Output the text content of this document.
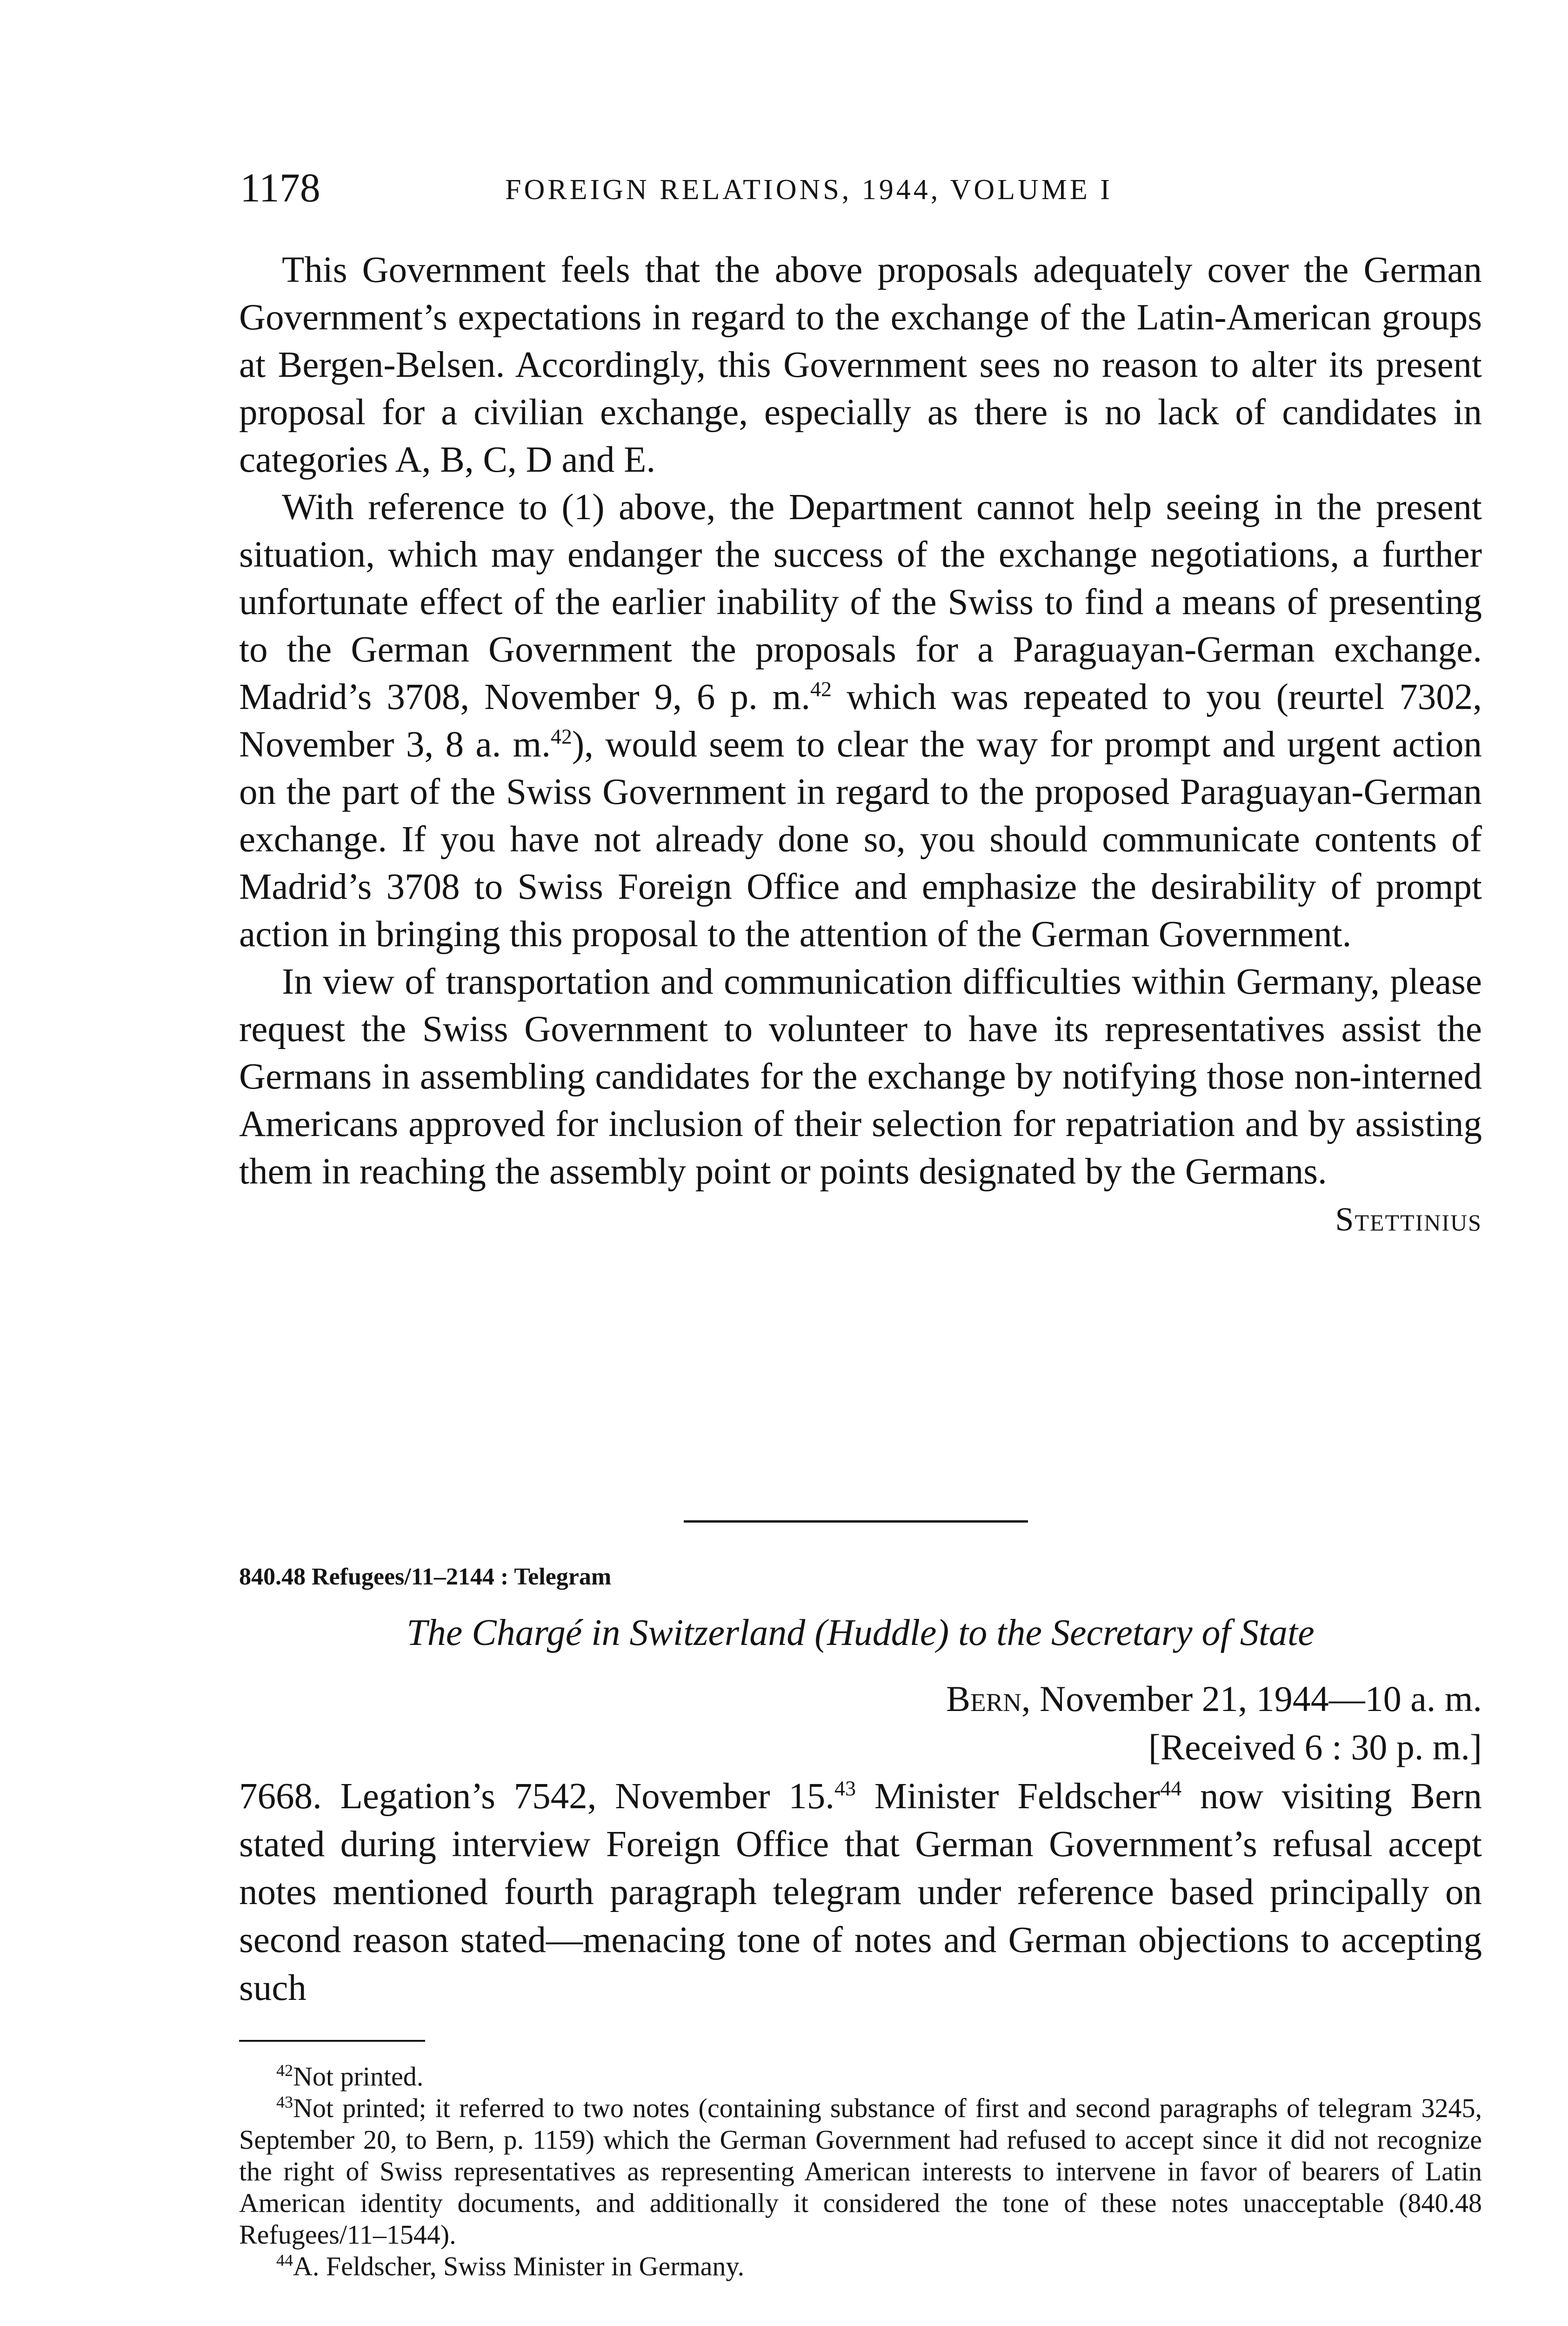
1178	FOREIGN RELATIONS, 1944, VOLUME I

This Government feels that the above proposals adequately cover the German Government’s expectations in regard to the exchange of the Latin-American groups at Bergen-Belsen. Accordingly, this Government sees no reason to alter its present proposal for a civilian exchange, especially as there is no lack of candidates in categories A, B, C, D and E.

With reference to (1) above, the Department cannot help seeing in the present situation, which may endanger the success of the exchange negotiations, a further unfortunate effect of the earlier inability of the Swiss to find a means of presenting to the German Government the proposals for a Paraguayan-German exchange. Madrid’s 3708, November 9, 6 p. m.$^{42}$ which was repeated to you (reurtel 7302, November 3, 8 a. m.$^{42}$), would seem to clear the way for prompt and urgent action on the part of the Swiss Government in regard to the proposed Paraguayan-German exchange. If you have not already done so, you should communicate contents of Madrid’s 3708 to Swiss Foreign Office and emphasize the desirability of prompt action in bringing this proposal to the attention of the German Government.

In view of transportation and communication difficulties within Germany, please request the Swiss Government to volunteer to have its representatives assist the Germans in assembling candidates for the exchange by notifying those non-interned Americans approved for inclusion of their selection for repatriation and by assisting them in reaching the assembly point or points designated by the Germans.

Stettinius

840.48 Refugees/11–2144 : Telegram
The Chargé in Switzerland (Huddle) to the Secretary of State
Bern, November 21, 1944—10 a. m.
[Received 6 : 30 p. m.]

7668. Legation’s 7542, November 15.43 Minister Feldscher$^{44}$ now visiting Bern stated during interview Foreign Office that German Government’s refusal accept notes mentioned fourth paragraph telegram under reference based principally on second reason stated—menacing tone of notes and German objections to accepting such

$^{42}$Not printed.

$^{43}$Not printed; it referred to two notes (containing substance of first and second paragraphs of telegram 3245, September 20, to Bern, p. 1159) which the German Government had refused to accept since it did not recognize the right of Swiss representatives as representing American interests to intervene in favor of bearers of Latin American identity documents, and additionally it considered the tone of these notes unacceptable (840.48 Refugees/11–1544).

$^{44}$A. Feldscher, Swiss Minister in Germany.
